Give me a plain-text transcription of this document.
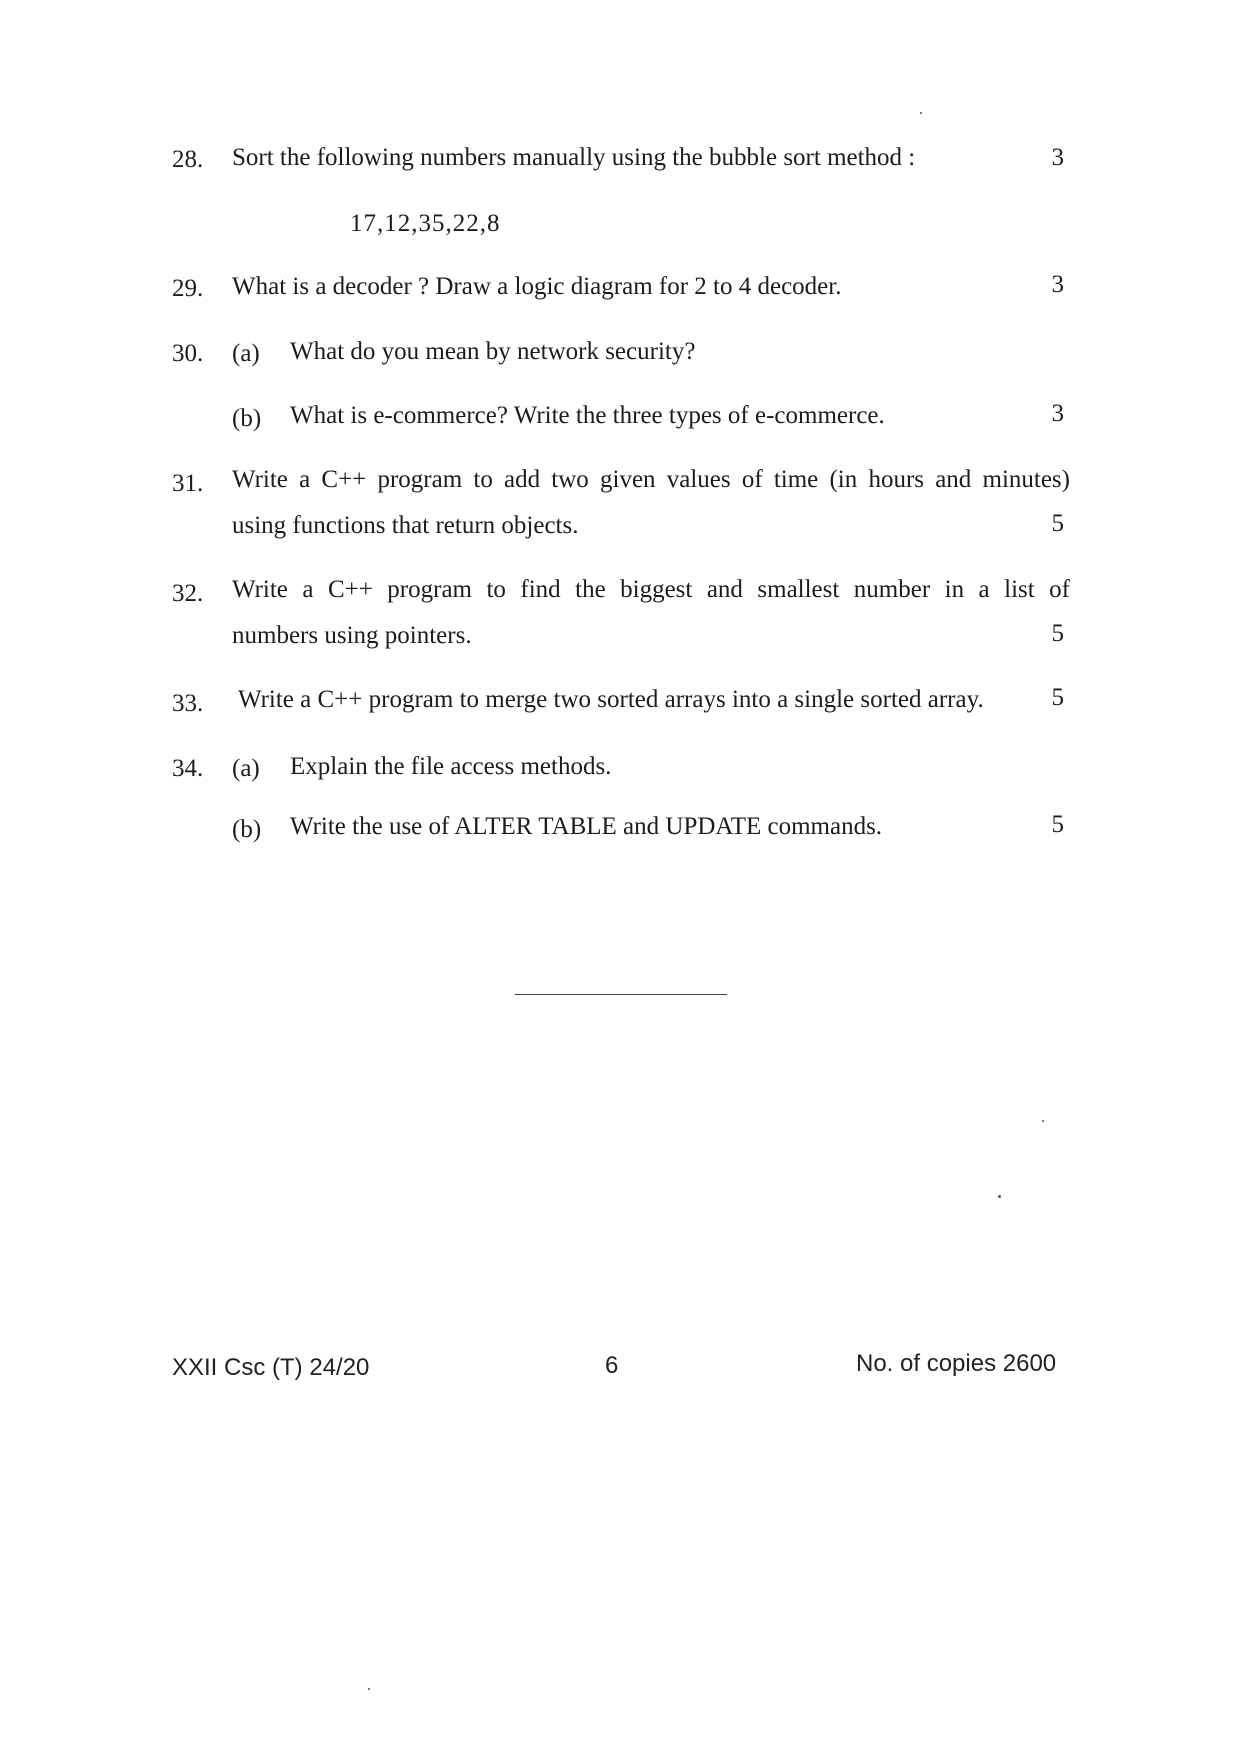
28. Sort the following numbers manually using the bubble sort method :	3
17,12,35,22,8
29. What is a decoder ? Draw a logic diagram for 2 to 4 decoder.	3
30. (a) What do you mean by network security?
(b) What is e-commerce? Write the three types of e-commerce.	3
31. Write a C++ program to add two given values of time (in hours and minutes)
using functions that return objects.	5
32. Write a C++ program to find the biggest and smallest number in a list of
numbers using pointers.	5
33. Write a C++ program to merge two sorted arrays into a single sorted array.	5
34. (a) Explain the file access methods.
(b) Write the use of ALTER TABLE and UPDATE commands.	5
XXII Csc (T) 24/20	6	No. of copies 2600
